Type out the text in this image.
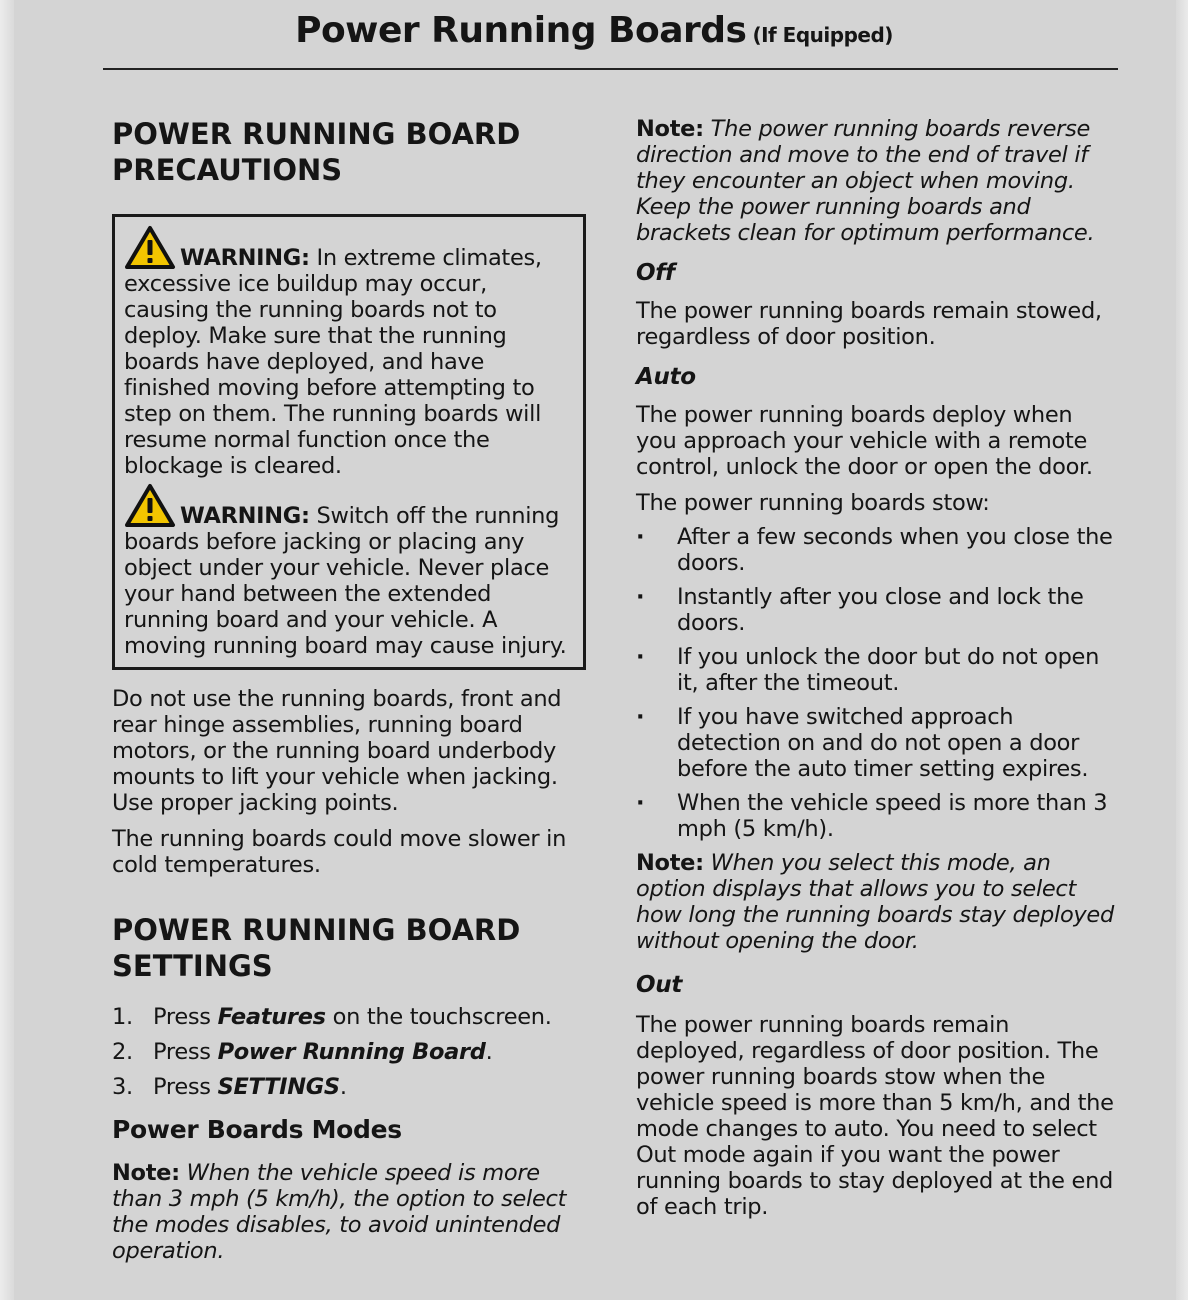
Power Running Boards (If Equipped)
POWER RUNNING BOARD PRECAUTIONS

WARNING: In extreme climates, excessive ice buildup may occur, causing the running boards not to deploy. Make sure that the running boards have deployed, and have finished moving before attempting to step on them. The running boards will resume normal function once the blockage is cleared.

WARNING: Switch off the running boards before jacking or placing any object under your vehicle. Never place your hand between the extended running board and your vehicle. A moving running board may cause injury.

Do not use the running boards, front and rear hinge assemblies, running board motors, or the running board underbody mounts to lift your vehicle when jacking. Use proper jacking points.

The running boards could move slower in cold temperatures.

POWER RUNNING BOARD SETTINGS
1. Press Features on the touchscreen.
2. Press Power Running Board.
3. Press SETTINGS.
Power Boards Modes

Note: When the vehicle speed is more than 3 mph (5 km/h), the option to select the modes disables, to avoid unintended operation.

Note: The power running boards reverse direction and move to the end of travel if they encounter an object when moving. Keep the power running boards and brackets clean for optimum performance.

Off

The power running boards remain stowed, regardless of door position.

Auto

The power running boards deploy when you approach your vehicle with a remote control, unlock the door or open the door.

The power running boards stow:

· After a few seconds when you close the doors.
· Instantly after you close and lock the doors.
· If you unlock the door but do not open it, after the timeout.
· If you have switched approach detection on and do not open a door before the auto timer setting expires.
· When the vehicle speed is more than 3 mph (5 km/h).

Note: When you select this mode, an option displays that allows you to select how long the running boards stay deployed without opening the door.

Out

The power running boards remain deployed, regardless of door position. The power running boards stow when the vehicle speed is more than 5 km/h, and the mode changes to auto. You need to select Out mode again if you want the power running boards to stay deployed at the end of each trip.
